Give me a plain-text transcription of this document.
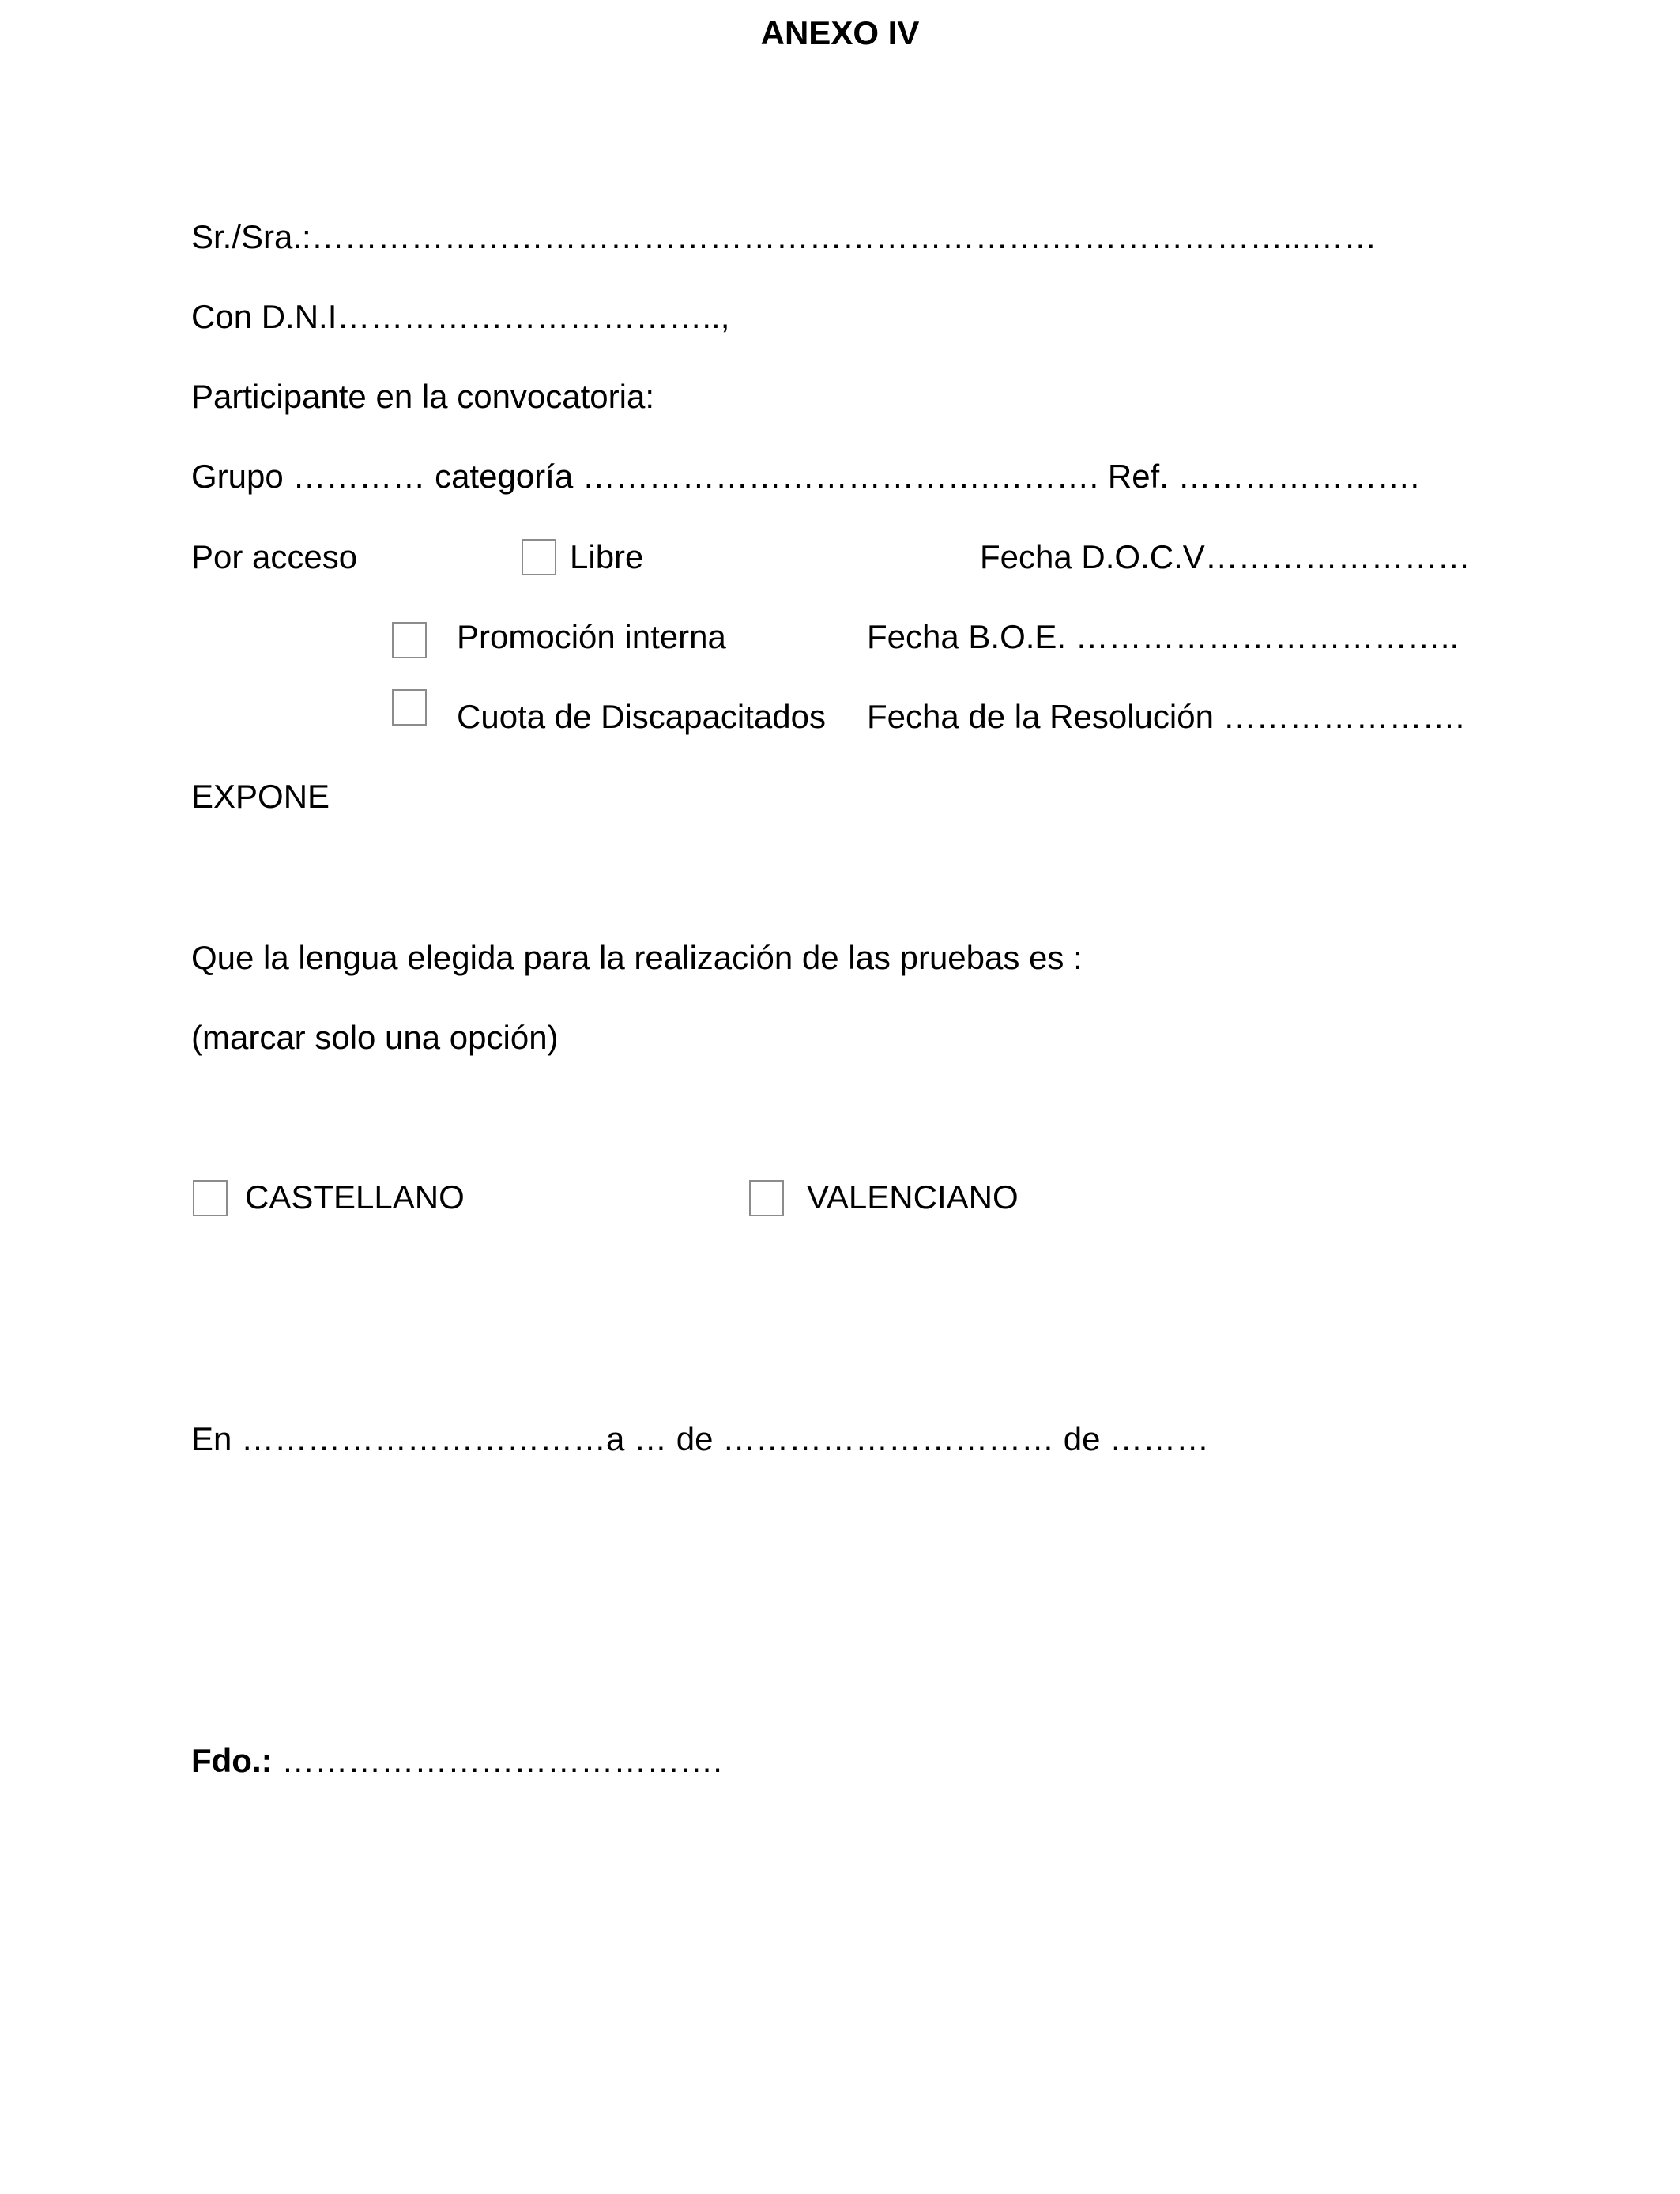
ANEXO IV
Sr./Sra.:………………………………………………………….…………………...……
Con D.N.I……………………………..,
Participante en la convocatoria:
Grupo ………… categoría ……………………………….………. Ref. ………………….
Por acceso	Libre	Fecha D.O.C.V……………………
Promoción interna	Fecha B.O.E. ……………………………..
Cuota de Discapacitados Fecha de la Resolución ………………….
EXPONE
Que la lengua elegida para la realización de las pruebas es :
(marcar solo una opción)
CASTELLANO	VALENCIANO
En ……………………………a … de ………………………… de ………
Fdo.: ………………………………….
